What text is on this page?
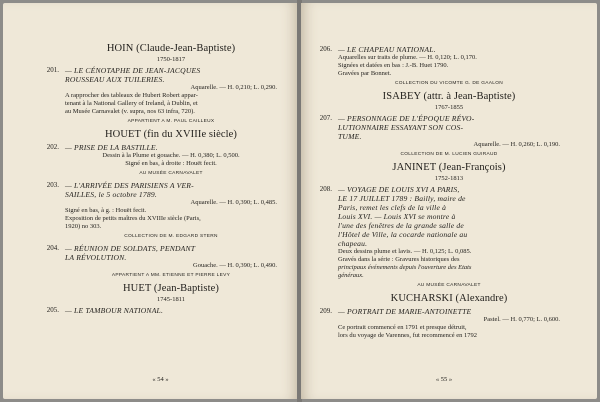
HOIN (Claude-Jean-Baptiste)
1750-1817
201. — LE CÉNOTAPHE DE JEAN-JACQUES
ROUSSEAU AUX TUILERIES.
Aquarelle. — H. 0,210; L. 0,290.
A rapprocher des tableaux de Hubert Robert appar-
tenant à la National Gallery of Ireland, à Dublin, et
au Musée Carnavalet (v. supra, nos 63 infra, 720).
APPARTIENT A M. PAUL CAILLEUX
HOUET (fin du XVIIIe siècle)
202. — PRISE DE LA BASTILLE.
Dessin à la Plume et gouache. — H. 0,380; L. 0,500.
Signé en bas, à droite : Houët fecit.
AU MUSÉE CARNAVALET
203. — L'ARRIVÉE DES PARISIENS A VER-
SAILLES, le 5 octobre 1789.
Aquarelle. — H. 0,390; L. 0,485.
Signé en bas, à g. : Houët fecit.
Exposition de petits maîtres du XVIIIe siècle (Paris,
1920) no 303.
COLLECTION DE M. EDGARD STERN
204. — RÉUNION DE SOLDATS, PENDANT
LA RÉVOLUTION.
Gouache. — H. 0,390; L. 0,490.
APPARTIENT A MM. ETIENNE ET PIERRE LEVY
HUET (Jean-Baptiste)
1745-1811
205. — LE TAMBOUR NATIONAL.
« 54 »
206. — LE CHAPEAU NATIONAL.
Aquarelles sur traits de plume. — H. 0,120; L. 0,170.
Signées et datées en bas : J.-B. Huet 1790.
Gravées par Bonnet.
COLLECTION DU VICOMTE G. DE GAALON
ISABEY (attr. à Jean-Baptiste)
1767-1855
207. — PERSONNAGE DE L'ÉPOQUE RÉVO-
LUTIONNAIRE ESSAYANT SON COS-
TUME.
Aquarelle. — H. 0,260; L. 0,190.
COLLECTION DE M. LUCIEN GUIRAUD
JANINET (Jean-François)
1752-1813
208. — VOYAGE DE LOUIS XVI A PARIS,
LE 17 JUILLET 1789 : Bailly, maire de
Paris, remet les clefs de la ville à
Louis XVI. — Louis XVI se montre à
l'une des fenêtres de la grande salle de
l'Hôtel de Ville, la cocarde nationale au
chapeau.
Deux dessins plume et lavis. — H. 0,125; L. 0,085.
Gravés dans la série : Gravures historiques des
principaux événements depuis l'ouverture des Etats
généraux.
AU MUSÉE CARNAVALET
KUCHARSKI (Alexandre)
209. — PORTRAIT DE MARIE-ANTOINETTE
Pastel. — H. 0,770; L. 0,600.
Ce portrait commencé en 1791 et presque détruit,
lors du voyage de Varennes, fut recommencé en 1792
« 55 »
